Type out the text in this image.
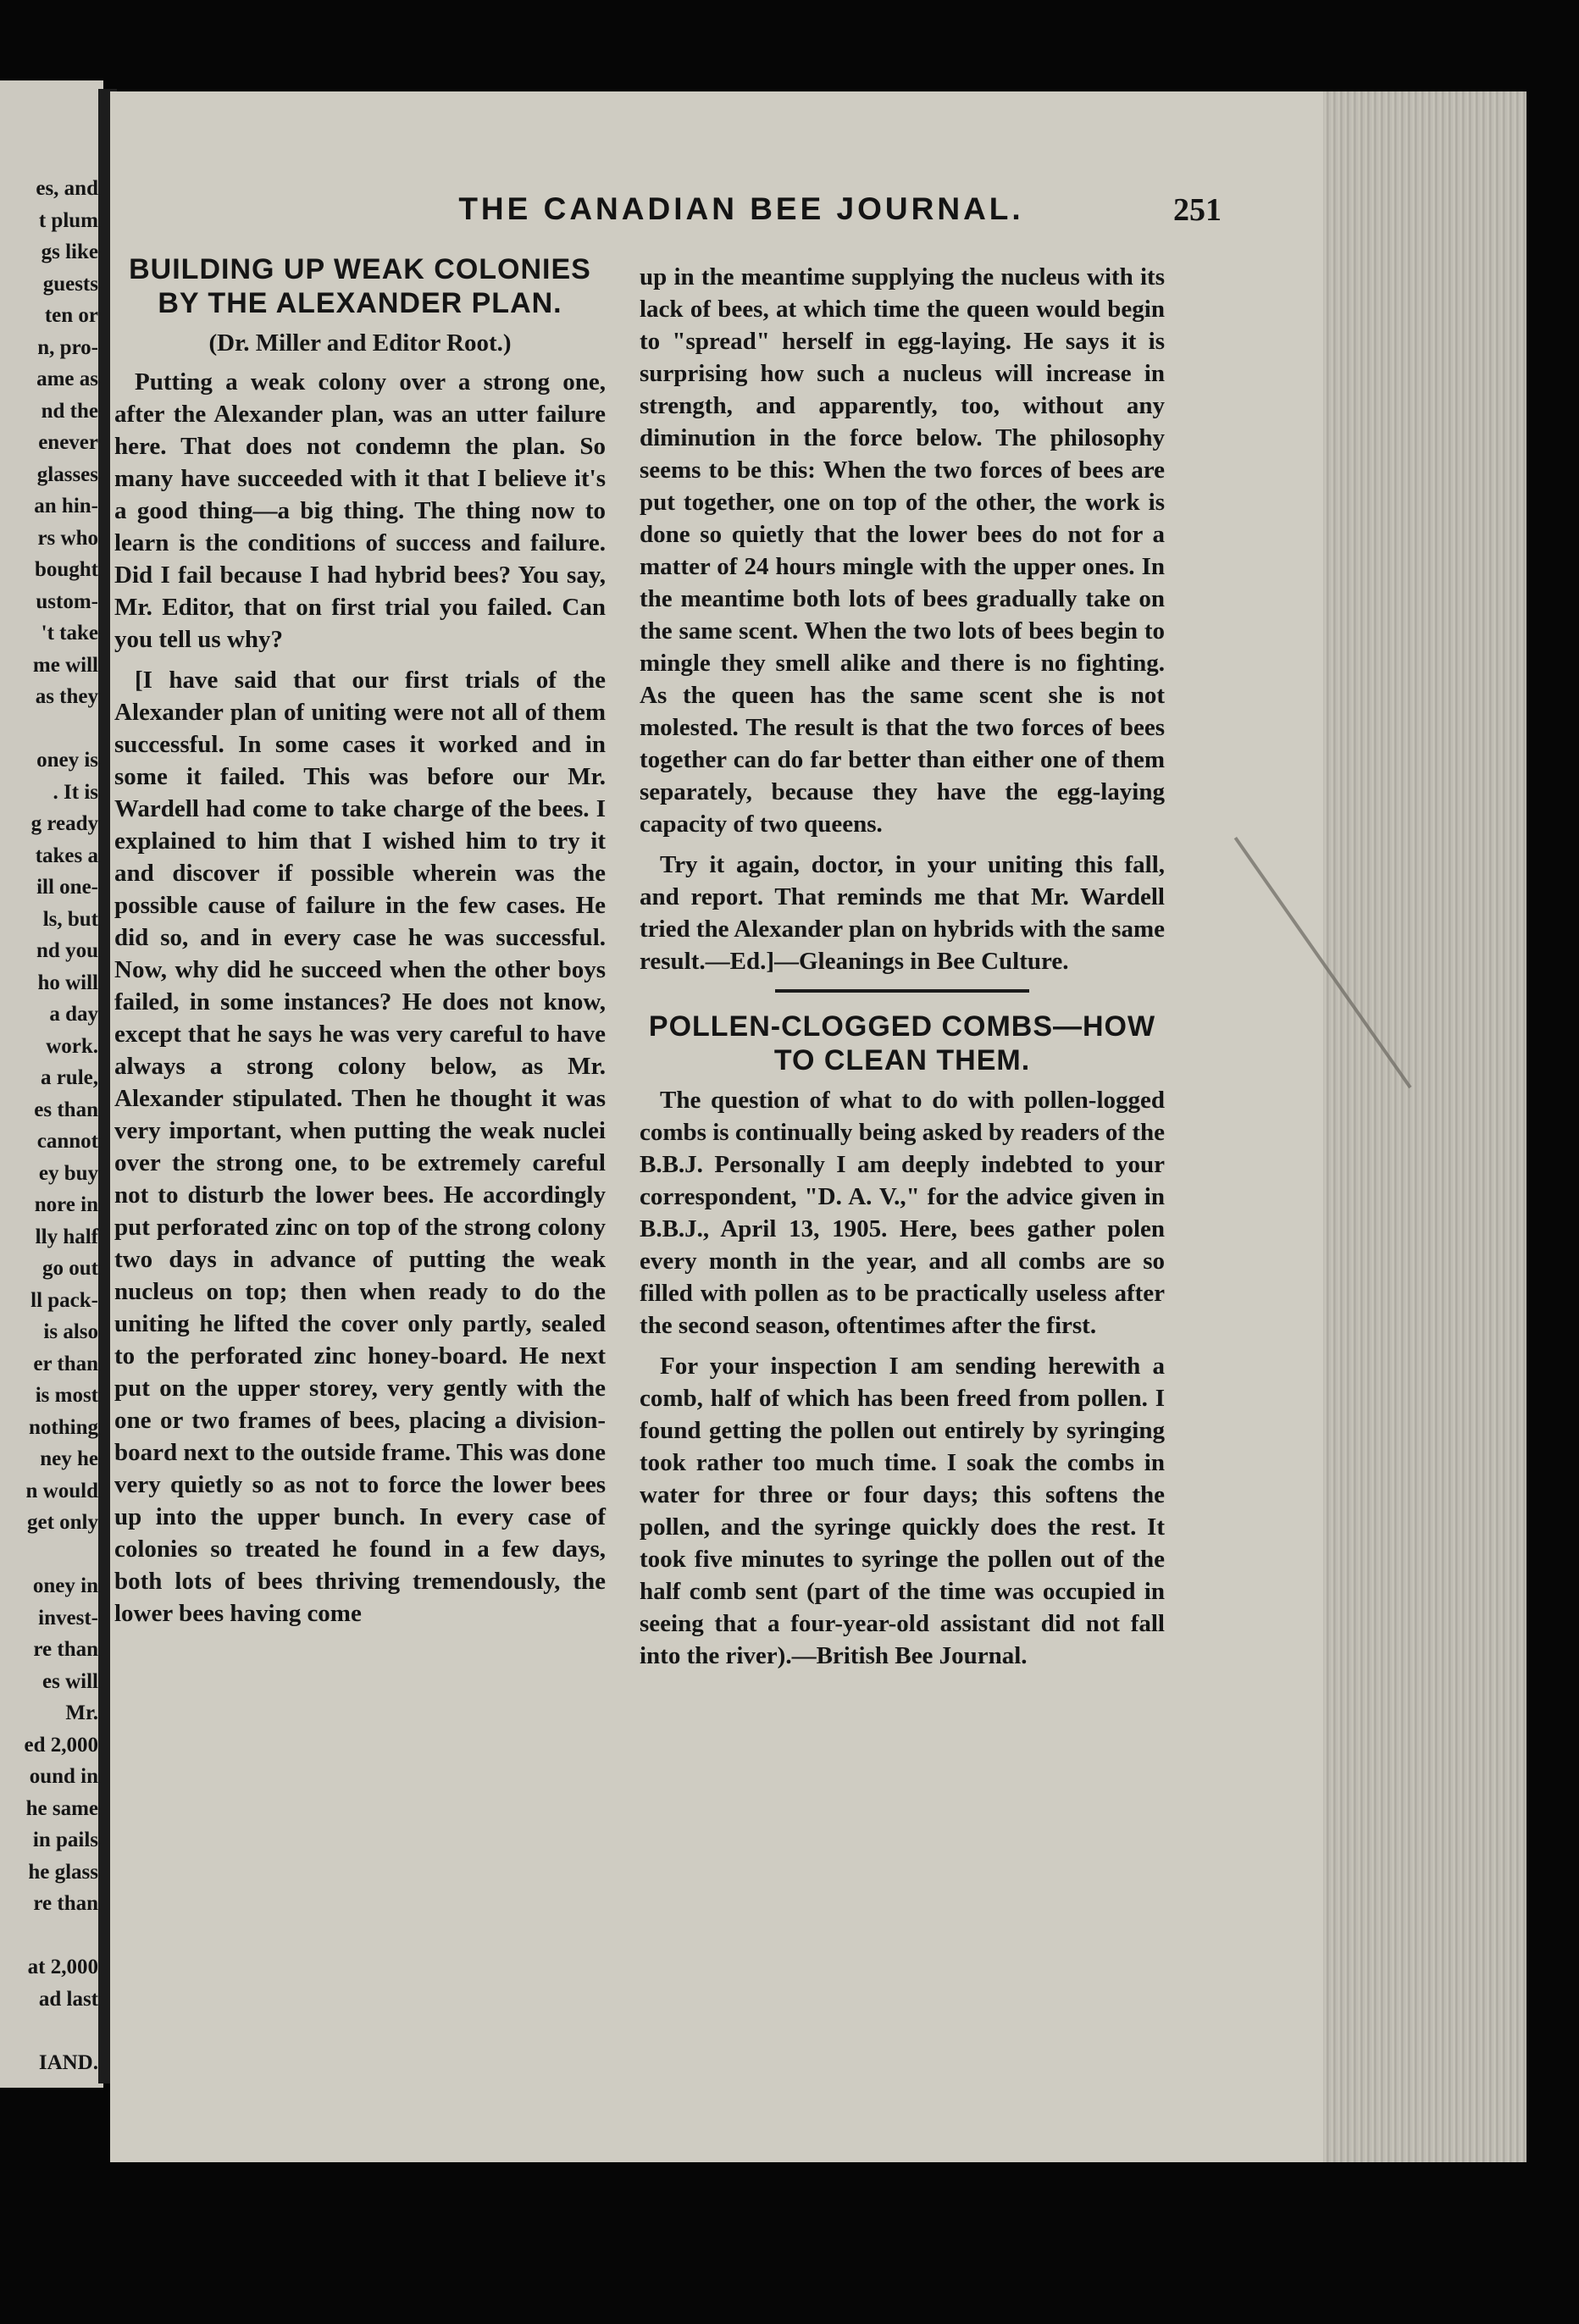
es, and
t plum
gs like
guests
ten or
n, pro-
ame as
nd the
enever
glasses
an hin-
rs who
bought
ustom-
't take
me will
as they
oney is
. It is
g ready
takes a
ill one-
ls, but
nd you
ho will
a day
work.
a rule,
es than
cannot
ey buy
nore in
lly half
go out
ll pack-
is also
er than
is most
nothing
ney he
n would
get only
oney in
invest-
re than
es will
Mr.
ed 2,000
ound in
he same
in pails
he glass
re than
at 2,000
ad last
IAND.
THE CANADIAN BEE JOURNAL.	251
BUILDING UP WEAK COLONIES BY THE ALEXANDER PLAN.
(Dr. Miller and Editor Root.)

Putting a weak colony over a strong one, after the Alexander plan, was an utter failure here. That does not condemn the plan. So many have succeeded with it that I believe it's a good thing—a big thing. The thing now to learn is the conditions of success and failure. Did I fail because I had hybrid bees? You say, Mr. Editor, that on first trial you failed. Can you tell us why?

[I have said that our first trials of the Alexander plan of uniting were not all of them successful. In some cases it worked and in some it failed. This was before our Mr. Wardell had come to take charge of the bees. I explained to him that I wished him to try it and discover if possible wherein was the possible cause of failure in the few cases. He did so, and in every case he was successful. Now, why did he succeed when the other boys failed, in some instances? He does not know, except that he says he was very careful to have always a strong colony below, as Mr. Alexander stipulated. Then he thought it was very important, when putting the weak nuclei over the strong one, to be extremely careful not to disturb the lower bees. He accordingly put perforated zinc on top of the strong colony two days in advance of putting the weak nucleus on top; then when ready to do the uniting he lifted the cover only partly, sealed to the perforated zinc honey-board. He next put on the upper storey, very gently with the one or two frames of bees, placing a division-board next to the outside frame. This was done very quietly so as not to force the lower bees up into the upper bunch. In every case of colonies so treated he found in a few days, both lots of bees thriving tremendously, the lower bees having come

up in the meantime supplying the nucleus with its lack of bees, at which time the queen would begin to "spread" herself in egg-laying. He says it is surprising how such a nucleus will increase in strength, and apparently, too, without any diminution in the force below. The philosophy seems to be this: When the two forces of bees are put together, one on top of the other, the work is done so quietly that the lower bees do not for a matter of 24 hours mingle with the upper ones. In the meantime both lots of bees gradually take on the same scent. When the two lots of bees begin to mingle they smell alike and there is no fighting. As the queen has the same scent she is not molested. The result is that the two forces of bees together can do far better than either one of them separately, because they have the egg-laying capacity of two queens.

Try it again, doctor, in your uniting this fall, and report. That reminds me that Mr. Wardell tried the Alexander plan on hybrids with the same result.—Ed.]—Gleanings in Bee Culture.

POLLEN-CLOGGED COMBS—HOW TO CLEAN THEM.

The question of what to do with pollen-logged combs is continually being asked by readers of the B.B.J. Personally I am deeply indebted to your correspondent, "D. A. V.," for the advice given in B.B.J., April 13, 1905. Here, bees gather polen every month in the year, and all combs are so filled with pollen as to be practically useless after the second season, oftentimes after the first.

For your inspection I am sending herewith a comb, half of which has been freed from pollen. I found getting the pollen out entirely by syringing took rather too much time. I soak the combs in water for three or four days; this softens the pollen, and the syringe quickly does the rest. It took five minutes to syringe the pollen out of the half comb sent (part of the time was occupied in seeing that a four-year-old assistant did not fall into the river).—British Bee Journal.
